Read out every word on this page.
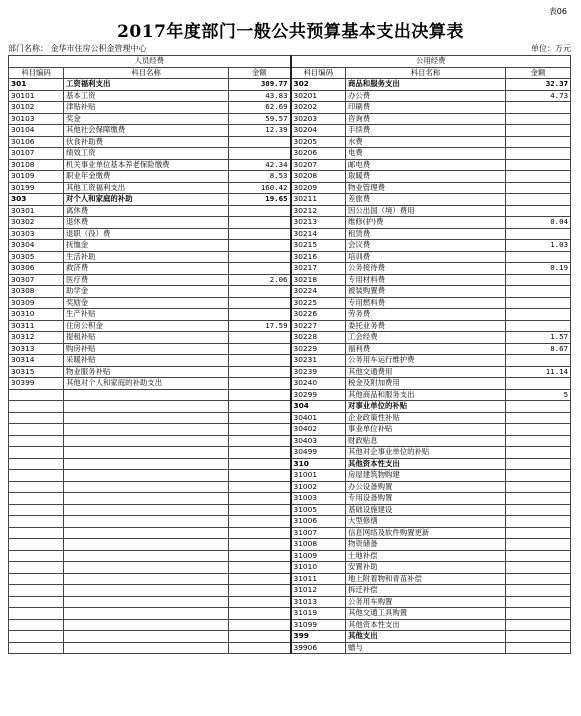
表06
2017年度部门一般公共预算基本支出决算表
部门名称： 金华市住房公积金管理中心	单位：万元
人员经费			公用经费		
科目编码	科目名称	金额	科目编码	科目名称	金额
301	工资福利支出	389.77	302	商品和服务支出	32.37
30101	基本工资	43.83	30201	办公费	4.73
30102	津贴补贴	62.69	30202	印刷费	
30103	奖金	59.57	30203	咨询费	
30104	其他社会保障缴费	12.39	30204	手续费	
30106	伙食补助费		30205	水费	
30107	绩效工资		30206	电费	
30108	机关事业单位基本养老保险缴费	42.34	30207	邮电费	
30109	职业年金缴费	8.53	30208	取暖费	
30199	其他工资福利支出	160.42	30209	物业管理费	
303	对个人和家庭的补助	19.65	30211	差旅费	
30301	离休费		30212	因公出国（境）费用	
30302	退休费		30213	维修(护)费	0.04
30303	退职（役）费		30214	租赁费	
30304	抚恤金		30215	会议费	1.03
30305	生活补助		30216	培训费	
30306	救济费		30217	公务接待费	0.19
30307	医疗费	2.06	30218	专用材料费	
30308	助学金		30224	被装购置费	
30309	奖励金		30225	专用燃料费	
30310	生产补贴		30226	劳务费	
30311	住房公积金	17.59	30227	委托业务费	
30312	提租补贴		30228	工会经费	1.57
30313	购房补贴		30229	福利费	8.67
30314	采暖补贴		30231	公务用车运行维护费	
30315	物业服务补贴		30239	其他交通费用	11.14
30399	其他对个人和家庭的补助支出		30240	税金及附加费用	
			30299	其他商品和服务支出	5
			304	对事业单位的补贴	
			30401	企业政策性补贴	
			30402	事业单位补贴	
			30403	财政贴息	
			30499	其他对企事业单位的补贴	
			310	其他资本性支出	
			31001	房屋建筑物购建	
			31002	办公设备购置	
			31003	专用设备购置	
			31005	基础设施建设	
			31006	大型修缮	
			31007	信息网络及软件购置更新	
			31008	物资储备	
			31009	土地补偿	
			31010	安置补助	
			31011	地上附着物和青苗补偿	
			31012	拆迁补偿	
			31013	公务用车购置	
			31019	其他交通工具购置	
			31099	其他资本性支出	
			399	其他支出	
			39906	赠与	
